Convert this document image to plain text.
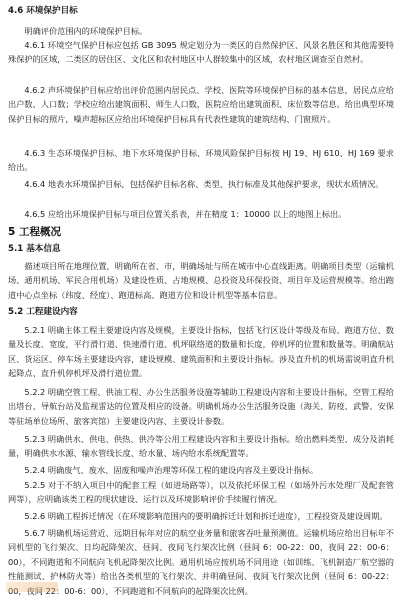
4.6 环境保护目标
明确评价范围内的环境保护目标。
4.6.1 环境空气保护目标应包括 GB 3095 规定划分为一类区的自然保护区、风景名胜区和其他需要特殊保护的区域，二类区的居住区、文化区和农村地区中人群较集中的区域，农村地区调查至自然村。
4.6.2 声环境保护目标应给出评价范围内居民点、学校、医院等环境保护目标的基本信息，居民点应给出户数、人口数；学校应给出建筑面积、师生人口数，医院应给出建筑面积、床位数等信息。给出典型环境保护目标的照片，噪声超标区应给出环境保护目标具有代表性建筑的建筑结构、门窗照片。
4.6.3 生态环境保护目标、地下水环境保护目标、环境风险保护目标按 HJ 19、HJ 610、HJ 169 要求给出。
4.6.4 地表水环境保护目标，包括保护目标名称、类型、执行标准及其他保护要求，现状水质情况。
4.6.5 应给出环境保护目标与项目位置关系表，并在精度 1：10000 以上的地图上标出。
5 工程概况
5.1 基本信息
描述项目所在地理位置，明确所在省、市，明确场址与所在城市中心直线距离。明确项目类型（运输机场、通用机场、军民合用机场）及建设性质、占地规模、总投资及环保投资、项目年及运营规模等。给出跑道中心点坐标（纬度、经度）、跑道标高、跑道方位和设计机型等基本信息。
5.2 工程建设内容
5.2.1 明确主体工程主要建设内容及规模，主要设计指标，包括飞行区设计等级及布局、跑道方位、数量及长度、宽度，平行滑行道、快速滑行道、机坪联络道的数量和长度，停机坪的位置和数量等。明确航站区、货运区、停车场主要建设内容，建设规模、建筑面积和主要设计指标。涉及直升机的机场需说明直升机起降点、直升机停机坪及滑行道位置。
5.2.2 明确空管工程、供油工程、办公生活服务设施等辅助工程建设内容和主要设计指标，空管工程给出塔台、导航台站及监视雷达的位置及相应的设备。明确机场办公生活服务设施（海关、防疫、武警、安保等驻场单位场所、旅客宾馆）主要建设内容、主要设计参数。
5.2.3 明确供水、供电、供热、供冷等公用工程建设内容和主要设计指标。给出燃料类型、成分及消耗量，明确供水水源、输水管线长度、给水量、场内给水系统配置等。
5.2.4 明确废气、废水、固废和噪声治理等环保工程的建设内容及主要设计指标。
5.2.5 对于不纳入项目中的配套工程（如进场路等），以及依托环保工程（如场外污水处理厂及配套管网等），应明确该类工程的现状建设、运行以及环境影响评价手续履行情况。
5.2.6 明确工程拆迁情况（在环境影响范围内的要明确拆迁计划和拆迁进度），工程投资及建设周期。
5.6.7 明确机场运营近、远期目标年对应的航空业务量和旅客吞吐量预测值。运输机场应给出目标年不同机型的飞行架次、日均起降架次、昼间、夜间飞行架次比例（昼间 6：00-22：00，夜间 22：00-6：00），不同跑道和不同航向飞机起降架次比例。通用机场应按机场不同用途（如训练、飞机制造厂航空器的性能测试、护林防火等）给出各类机型的飞行架次、并明确昼间、夜间飞行架次比例（昼间 6：00-22：00，夜间 22：00-6：00），不同跑道和不同航向的起降架次比例。
